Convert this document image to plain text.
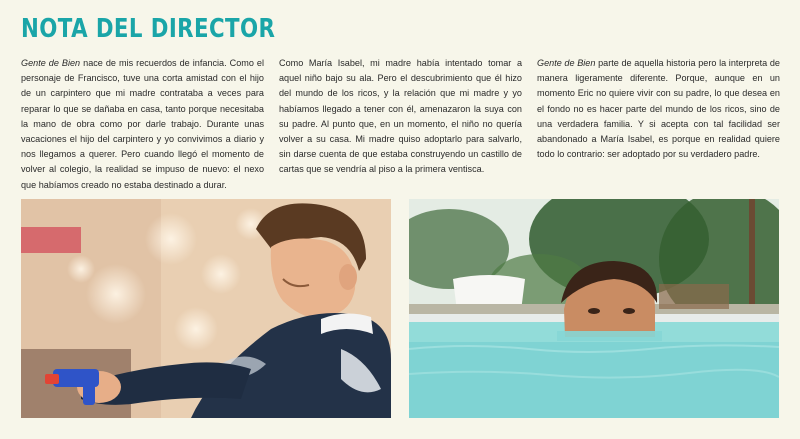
NOTA DEL DIRECTOR

Gente de Bien nace de mis recuerdos de infancia. Como el personaje de Francisco, tuve una corta amistad con el hijo de un carpintero que mi madre contrataba a veces para reparar lo que se dañaba en casa, tanto porque necesitaba la mano de obra como por darle trabajo. Durante unas vacaciones el hijo del carpintero y yo convivimos a diario y nos llegamos a querer. Pero cuando llegó el momento de volver al colegio, la realidad se impuso de nuevo: el nexo que habíamos creado no estaba destinado a durar.

Como María Isabel, mi madre había intentado tomar a aquel niño bajo su ala. Pero el descubrimiento que él hizo del mundo de los ricos, y la relación que mi madre y yo habíamos llegado a tener con él, amenazaron la suya con su padre. Al punto que, en un momento, el niño no quería volver a su casa. Mi madre quiso adoptarlo para salvarlo, sin darse cuenta de que estaba construyendo un castillo de cartas que se vendría al piso a la primera ventisca.

Gente de Bien parte de aquella historia pero la interpreta de manera ligeramente diferente. Porque, aunque en un momento Eric no quiere vivir con su padre, lo que desea en el fondo no es hacer parte del mundo de los ricos, sino de una verdadera familia. Y si acepta con tal facilidad ser abandonado a María Isabel, es porque en realidad quiere todo lo contrario: ser adoptado por su verdadero padre.
